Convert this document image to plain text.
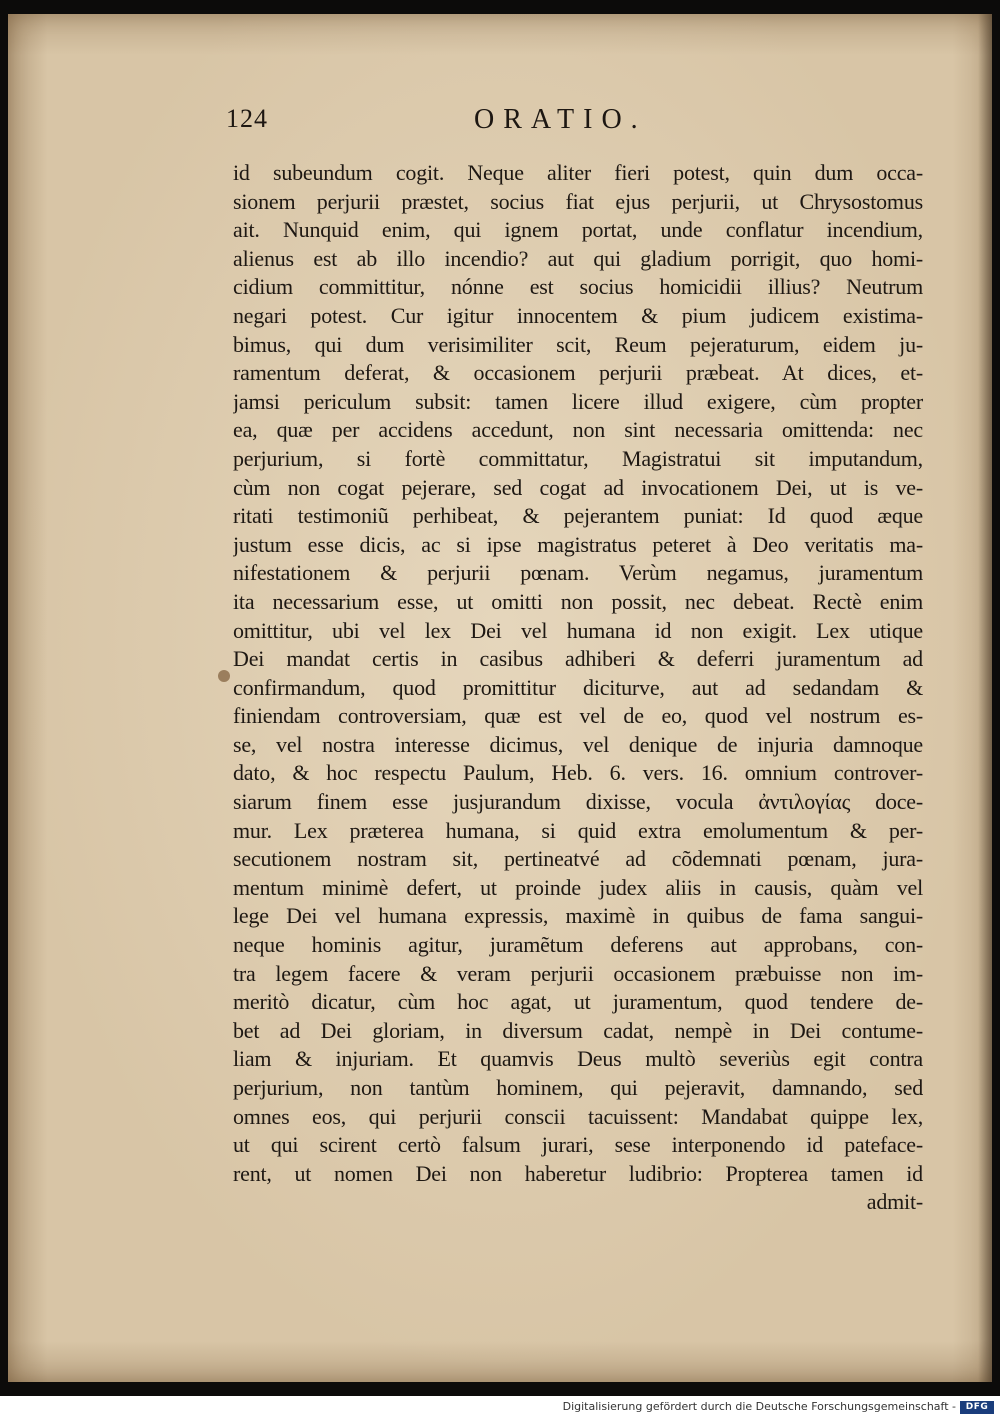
124	ORATIO.
id subeundum cogit. Neque aliter fieri potest, quin dum occa-
sionem perjurii præstet, socius fiat ejus perjurii, ut Chrysostomus
ait. Nunquid enim, qui ignem portat, unde conflatur incendium,
alienus est ab illo incendio? aut qui gladium porrigit, quo homi-
cidium committitur, nónne est socius homicidii illius? Neutrum
negari potest. Cur igitur innocentem & pium judicem existima-
bimus, qui dum verisimiliter scit, Reum pejeraturum, eidem ju-
ramentum deferat, & occasionem perjurii præbeat. At dices, et-
jamsi periculum subsit: tamen licere illud exigere, cùm propter
ea, quæ per accidens accedunt, non sint necessaria omittenda: nec
perjurium, si fortè committatur, Magistratui sit imputandum,
cùm non cogat pejerare, sed cogat ad invocationem Dei, ut is ve-
ritati testimoniũ perhibeat, & pejerantem puniat: Id quod æque
justum esse dicis, ac si ipse magistratus peteret à Deo veritatis ma-
nifestationem & perjurii pœnam. Verùm negamus, juramentum
ita necessarium esse, ut omitti non possit, nec debeat. Rectè enim
omittitur, ubi vel lex Dei vel humana id non exigit. Lex utique
Dei mandat certis in casibus adhiberi & deferri juramentum ad
confirmandum, quod promittitur diciturve, aut ad sedandam &
finiendam controversiam, quæ est vel de eo, quod vel nostrum es-
se, vel nostra interesse dicimus, vel denique de injuria damnoque
dato, & hoc respectu Paulum, Heb. 6. vers. 16. omnium controver-
siarum finem esse jusjurandum dixisse, vocula ἀντιλογίας doce-
mur. Lex præterea humana, si quid extra emolumentum & per-
secutionem nostram sit, pertineatvé ad cõdemnati pœnam, jura-
mentum minimè defert, ut proinde judex aliis in causis, quàm vel
lege Dei vel humana expressis, maximè in quibus de fama sangui-
neque hominis agitur, juramẽtum deferens aut approbans, con-
tra legem facere & veram perjurii occasionem præbuisse non im-
meritò dicatur, cùm hoc agat, ut juramentum, quod tendere de-
bet ad Dei gloriam, in diversum cadat, nempè in Dei contume-
liam & injuriam. Et quamvis Deus multò severiùs egit contra
perjurium, non tantùm hominem, qui pejeravit, damnando, sed
omnes eos, qui perjurii conscii tacuissent: Mandabat quippe lex,
ut qui scirent certò falsum jurari, sese interponendo id pateface-
rent, ut nomen Dei non haberetur ludibrio: Propterea tamen id
admit-
Digitalisierung gefördert durch die Deutsche Forschungsgemeinschaft -	DFG
